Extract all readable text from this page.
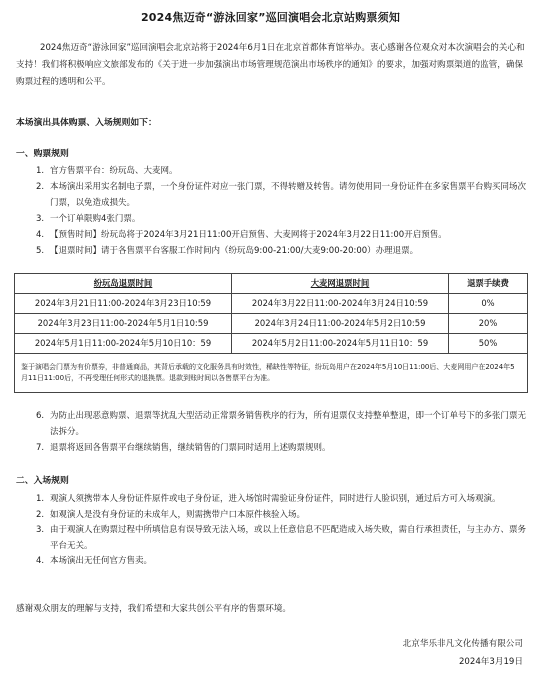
2024焦迈奇“游泳回家”巡回演唱会北京站购票须知
2024焦迈奇“游泳回家”巡回演唱会北京站将于2024年6月1日在北京首都体育馆举办。衷心感谢各位观众对本次演唱会的关心和支持！我们将积极响应文旅部发布的《关于进一步加强演出市场管理规范演出市场秩序的通知》的要求，加强对购票渠道的监管，确保购票过程的透明和公平。
本场演出具体购票、入场规则如下：
一、购票规则
1. 官方售票平台：纷玩岛、大麦网。
2. 本场演出采用实名制电子票，一个身份证件对应一张门票，不得转赠及转售。请勿使用同一身份证件在多家售票平台购买同场次门票，以免造成损失。
3. 一个订单限购4张门票。
4. 【预售时间】纷玩岛将于2024年3月21日11:00开启预售、大麦网将于2024年3月22日11:00开启预售。
5. 【退票时间】请于各售票平台客服工作时间内（纷玩岛9:00-21:00/大麦9:00-20:00）办理退票。
纷玩岛退票时间	大麦网退票时间	退票手续费
2024年3月21日11:00-2024年3月23日10:59	2024年3月22日11:00-2024年3月24日10:59	0%
2024年3月23日11:00-2024年5月1日10:59	2024年3月24日11:00-2024年5月2日10:59	20%
2024年5月1日11:00-2024年5月10日10：59	2024年5月2日11:00-2024年5月11日10：59	50%
鉴于演唱会门票为有价票券，非普通商品，其背后承载的文化服务具有时效性，稀缺性等特征，纷玩岛用户在2024年5月10日11:00后、大麦网用户在2024年5月11日11:00后，不再受理任何形式的退换票。退款到账时间以各售票平台为准。		
6. 为防止出现恶意购票、退票等扰乱大型活动正常票务销售秩序的行为，所有退票仅支持整单整退，即一个订单号下的多张门票无法拆分。
7. 退票将返回各售票平台继续销售，继续销售的门票同时适用上述购票规则。
二、入场规则
1. 观演人须携带本人身份证件原件或电子身份证，进入场馆时需验证身份证件，同时进行人脸识别，通过后方可入场观演。
2. 如观演人是没有身份证的未成年人，则需携带户口本原件核验入场。
3. 由于观演人在购票过程中所填信息有误导致无法入场，或以上任意信息不匹配造成入场失败，需自行承担责任，与主办方、票务平台无关。
4. 本场演出无任何官方售卖。
感谢观众朋友的理解与支持，我们希望和大家共创公平有序的售票环境。
北京华乐非凡文化传播有限公司
2024年3月19日
